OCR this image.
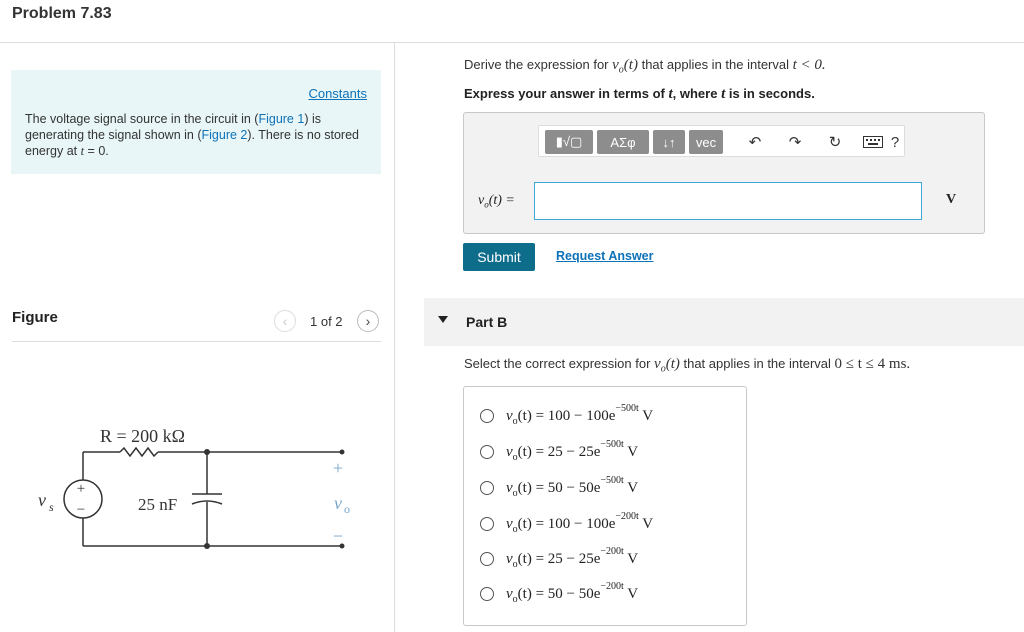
Problem 7.83
Constants
The voltage signal source in the circuit in (Figure 1) is generating the signal shown in (Figure 2). There is no stored energy at t = 0.
Figure	‹ 1 of 2 ›
+
−
R = 200 kΩ
25 nF
v s
+
v o
−
Derive the expression for $v_o(t)$ that applies in the interval t < 0.
Express your answer in terms of t, where t is in seconds.
▮√▢	ΑΣφ	↓↑	vec	↶ ↷ ↻	?
$v_o(t)$ =	V
Submit	Request Answer
Part B
Select the correct expression for $v_o(t)$ that applies in the interval 0 ≤ t ≤ 4 ms.
$v_o(t) = 100 - 100e^{-500t}$ V
$v_o(t) = 25 - 25e^{-500t}$ V
$v_o(t) = 50 - 50e^{-500t}$ V
$v_o(t) = 100 - 100e^{-200t}$ V
$v_o(t) = 25 - 25e^{-200t}$ V
$v_o(t) = 50 - 50e^{-200t}$ V
